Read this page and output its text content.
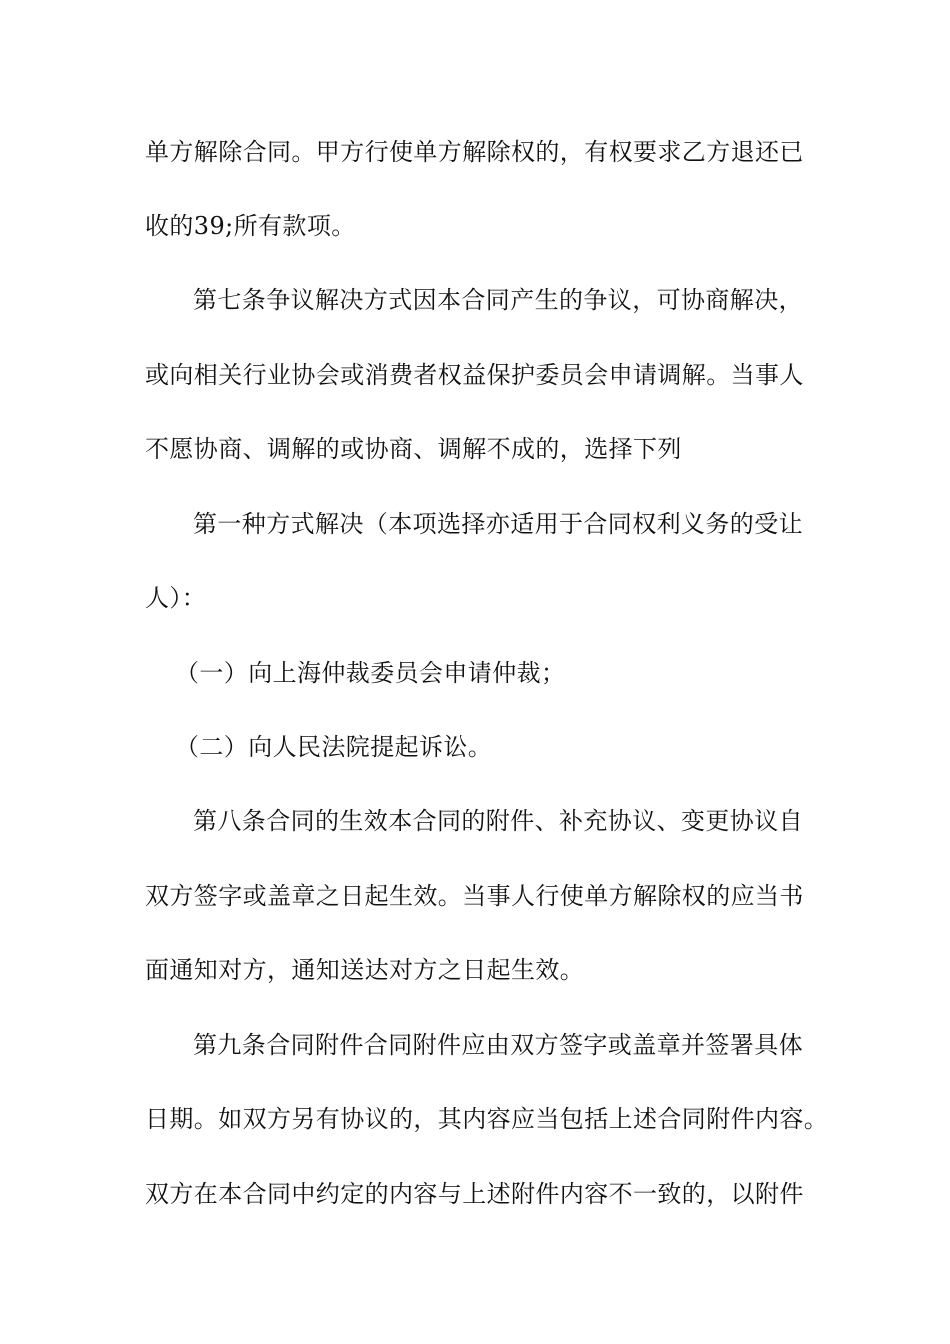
单方解除合同。甲方行使单方解除权的，有权要求乙方退还已
收的39;所有款项。
第七条争议解决方式因本合同产生的争议，可协商解决，
或向相关行业协会或消费者权益保护委员会申请调解。当事人
不愿协商、调解的或协商、调解不成的，选择下列
第一种方式解决（本项选择亦适用于合同权利义务的受让
人）：
（一）向上海仲裁委员会申请仲裁；
（二）向人民法院提起诉讼。
第八条合同的生效本合同的附件、补充协议、变更协议自
双方签字或盖章之日起生效。当事人行使单方解除权的应当书
面通知对方，通知送达对方之日起生效。
第九条合同附件合同附件应由双方签字或盖章并签署具体
日期。如双方另有协议的，其内容应当包括上述合同附件内容。
双方在本合同中约定的内容与上述附件内容不一致的，以附件
